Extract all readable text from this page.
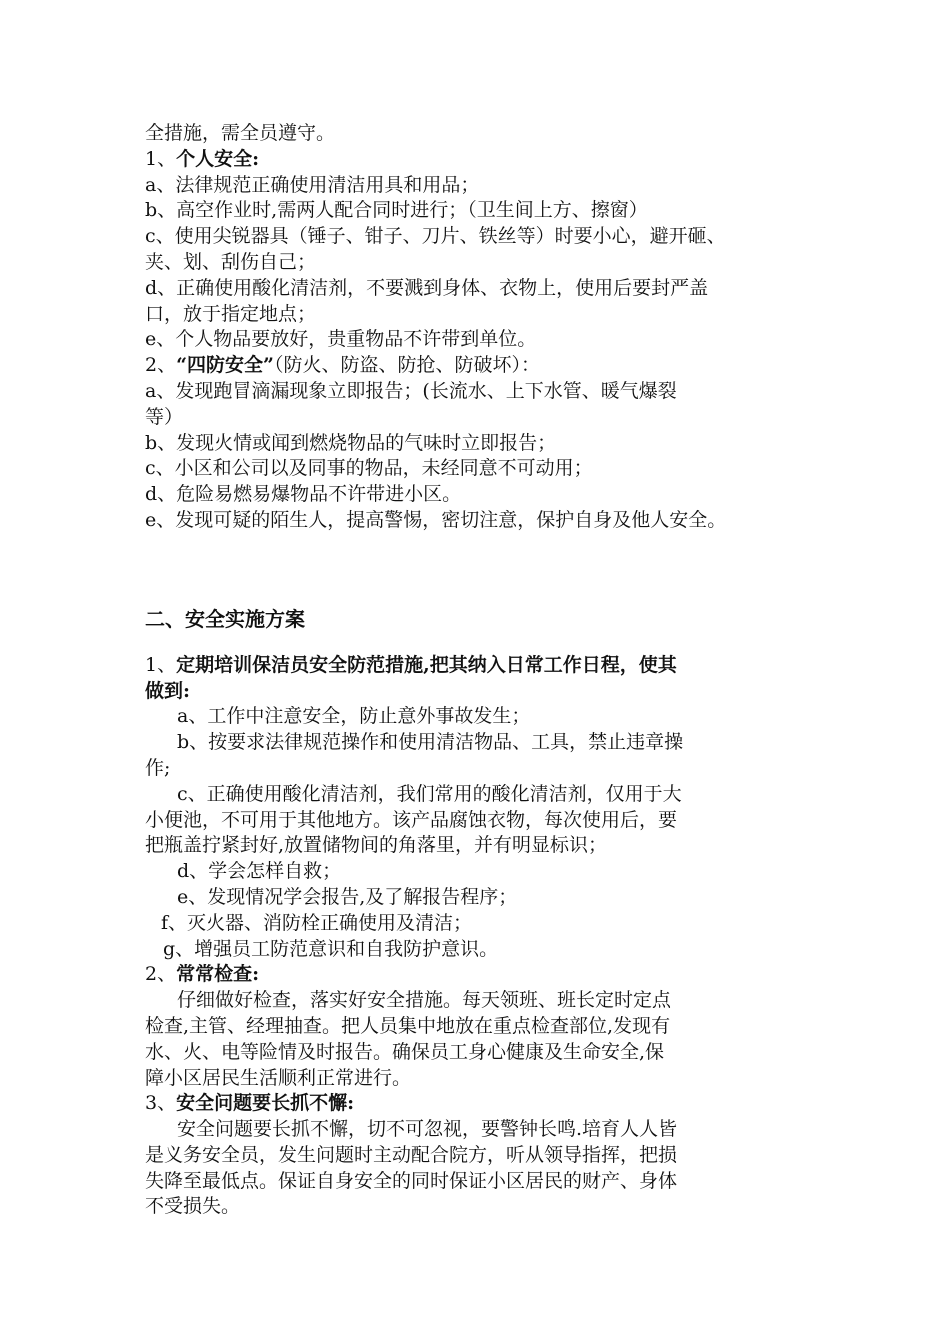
全措施，需全员遵守。
1、个人安全:
a、法律规范正确使用清洁用具和用品；
b、高空作业时,需两人配合同时进行；（卫生间上方、擦窗）
c、使用尖锐器具（锤子、钳子、刀片、铁丝等）时要小心，避开砸、
夹、划、刮伤自己；
d、正确使用酸化清洁剂，不要溅到身体、衣物上，使用后要封严盖
口，放于指定地点；
e、个人物品要放好，贵重物品不许带到单位。
2、“四防安全”（防火、防盗、防抢、防破坏）：
a、发现跑冒滴漏现象立即报告；(长流水、上下水管、暖气爆裂
等）
b、发现火情或闻到燃烧物品的气味时立即报告；
c、小区和公司以及同事的物品，未经同意不可动用；
d、危险易燃易爆物品不许带进小区。
e、发现可疑的陌生人，提高警惕，密切注意，保护自身及他人安全。
二、安全实施方案
1、定期培训保洁员安全防范措施,把其纳入日常工作日程，使其
做到:
a、工作中注意安全，防止意外事故发生；
b、按要求法律规范操作和使用清洁物品、工具，禁止违章操
作;
c、正确使用酸化清洁剂，我们常用的酸化清洁剂，仅用于大
小便池，不可用于其他地方。该产品腐蚀衣物，每次使用后，要
把瓶盖拧紧封好,放置储物间的角落里，并有明显标识；
d、学会怎样自救；
e、发现情况学会报告,及了解报告程序；
f、灭火器、消防栓正确使用及清洁；
g、增强员工防范意识和自我防护意识。
2、常常检查:
仔细做好检查，落实好安全措施。每天领班、班长定时定点
检查,主管、经理抽查。把人员集中地放在重点检查部位,发现有
水、火、电等险情及时报告。确保员工身心健康及生命安全,保
障小区居民生活顺利正常进行。
3、安全问题要长抓不懈:
安全问题要长抓不懈，切不可忽视，要警钟长鸣.培育人人皆
是义务安全员，发生问题时主动配合院方，听从领导指挥，把损
失降至最低点。保证自身安全的同时保证小区居民的财产、身体
不受损失。
